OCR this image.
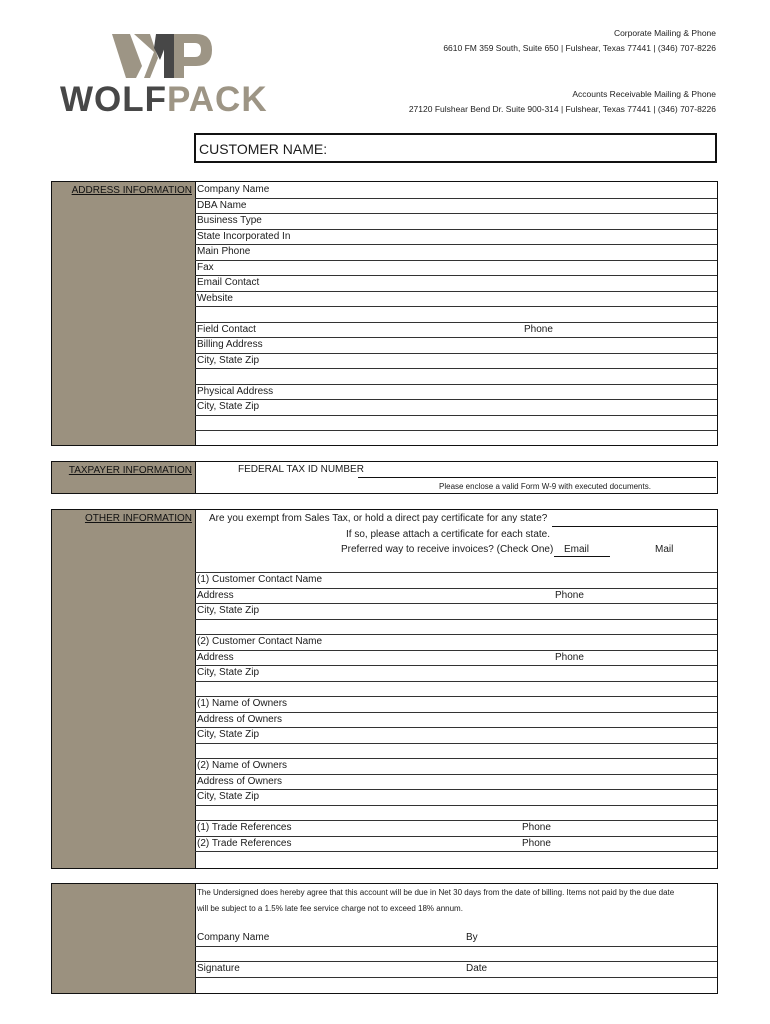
WOLFPACK
Corporate Mailing & Phone
6610 FM 359 South, Suite 650 | Fulshear, Texas 77441 | (346) 707-8226
Accounts Receivable Mailing & Phone
27120 Fulshear Bend Dr. Suite 900-314 | Fulshear, Texas 77441 | (346) 707-8226
CUSTOMER NAME:
ADDRESS INFORMATION Company Name
DBA Name
Business Type
State Incorporated In
Main Phone
Fax
Email Contact
Website
Field Contact	Phone
Billing Address
City, State Zip
Physical Address
City, State Zip
TAXPAYER INFORMATION	FEDERAL TAX ID NUMBER
Please enclose a valid Form W-9 with executed documents.
OTHER INFORMATION Are you exempt from Sales Tax, or hold a direct pay certificate for any state?
If so, please attach a certificate for each state.
Preferred way to receive invoices? (Check One)	Email	Mail
(1) Customer Contact Name
Address	Phone
City, State Zip
(2) Customer Contact Name
Address	Phone
City, State Zip
(1) Name of Owners
Address of Owners
City, State Zip
(2) Name of Owners
Address of Owners
City, State Zip
(1) Trade References	Phone
(2) Trade References	Phone
The Undersigned does hereby agree that this account will be due in Net 30 days from the date of billing. Items not paid by the due date
will be subject to a 1.5% late fee service charge not to exceed 18% annum.
Company Name	By
Signature	Date
